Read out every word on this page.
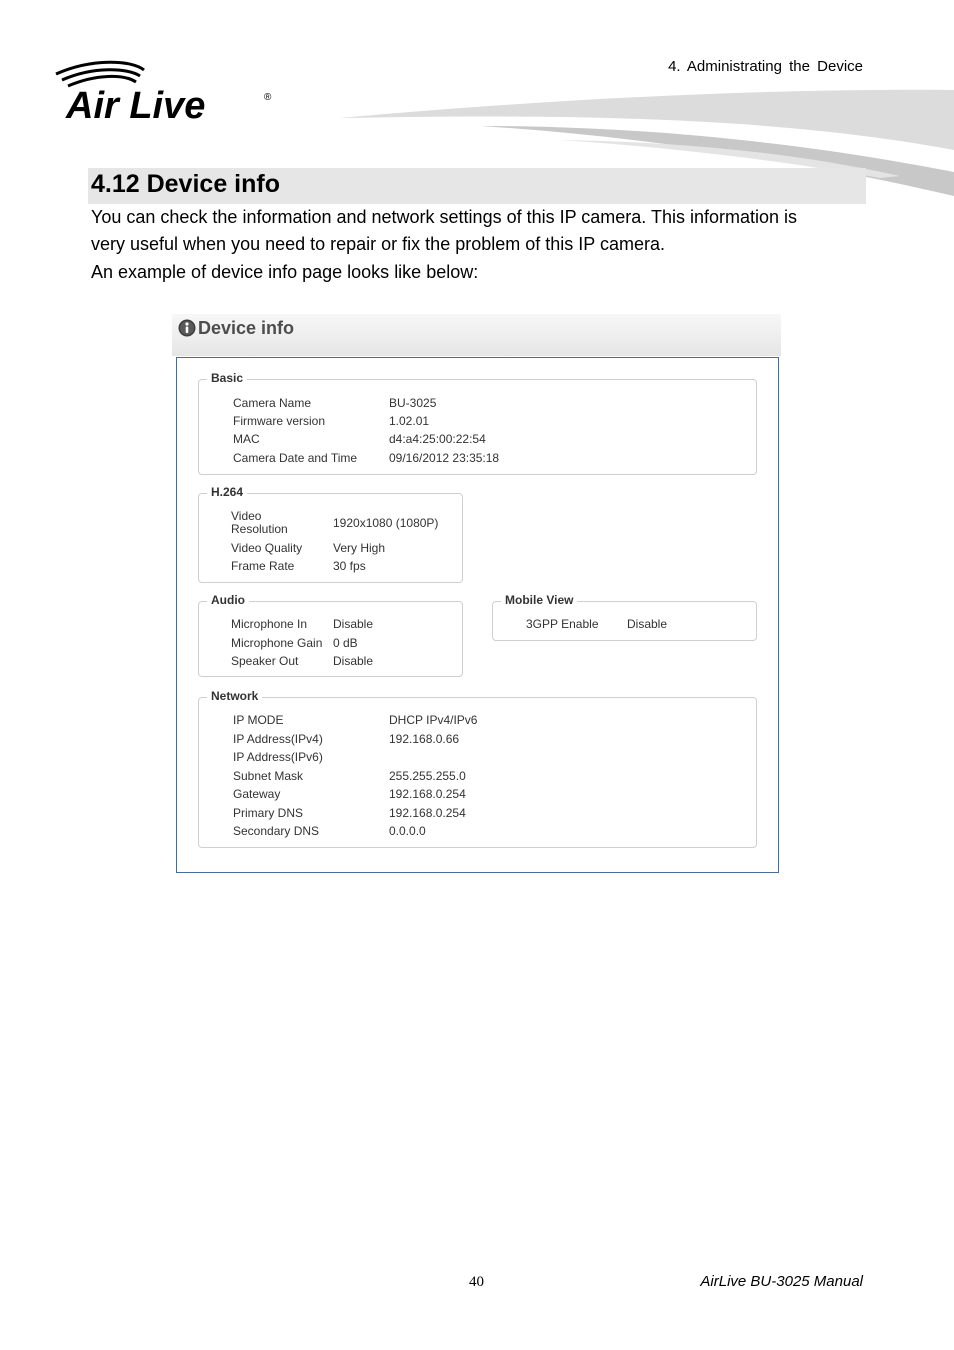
4. Administrating the Device
Air Live	®
4.12 Device info
You can check the information and network settings of this IP camera. This information is
very useful when you need to repair or fix the problem of this IP camera.
An example of device info page looks like below:
Device info
Basic
Camera Name	BU-3025
Firmware version	1.02.01
MAC	d4:a4:25:00:22:54
Camera Date and Time	09/16/2012 23:35:18
H.264
Video
Resolution	1920x1080 (1080P)
Video Quality	Very High
Frame Rate	30 fps
Audio
Microphone In Disable
Microphone Gain 0 dB
Speaker Out	Disable
Mobile View
3GPP Enable Disable
Network
IP MODE	DHCP IPv4/IPv6
IP Address(IPv4)	192.168.0.66
IP Address(IPv6)
Subnet Mask	255.255.255.0
Gateway	192.168.0.254
Primary DNS	192.168.0.254
Secondary DNS	0.0.0.0
40	AirLive BU-3025 Manual
